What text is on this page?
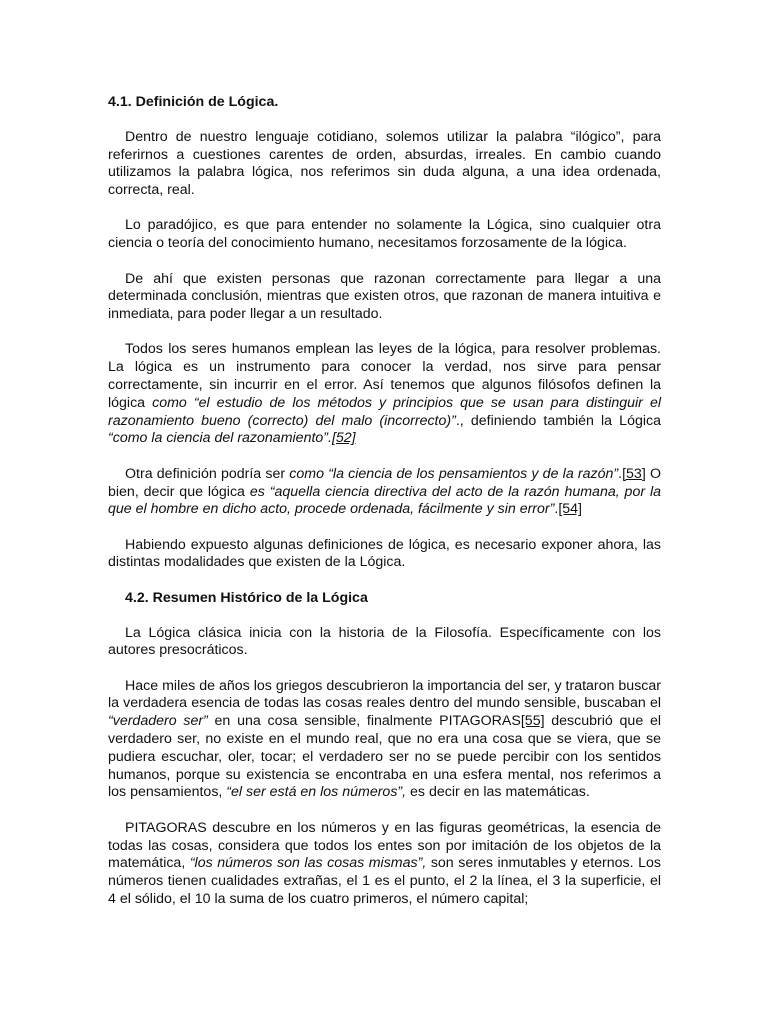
4.1. Definición de Lógica.

Dentro de nuestro lenguaje cotidiano, solemos utilizar la palabra “ilógico”, para referirnos a cuestiones carentes de orden, absurdas, irreales. En cambio cuando utilizamos la palabra lógica, nos referimos sin duda alguna, a una idea ordenada, correcta, real.

Lo paradójico, es que para entender no solamente la Lógica, sino cualquier otra ciencia o teoría del conocimiento humano, necesitamos forzosamente de la lógica.

De ahí que existen personas que razonan correctamente para llegar a una determinada conclusión, mientras que existen otros, que razonan de manera intuitiva e inmediata, para poder llegar a un resultado.

Todos los seres humanos emplean las leyes de la lógica, para resolver problemas. La lógica es un instrumento para conocer la verdad, nos sirve para pensar correctamente, sin incurrir en el error. Así tenemos que algunos filósofos definen la lógica como “el estudio de los métodos y principios que se usan para distinguir el razonamiento bueno (correcto) del malo (incorrecto)”., definiendo también la Lógica “como la ciencia del razonamiento”.[52]

Otra definición podría ser como “la ciencia de los pensamientos y de la razón”.[53] O bien, decir que lógica es “aquella ciencia directiva del acto de la razón humana, por la que el hombre en dicho acto, procede ordenada, fácilmente y sin error”.[54]

Habiendo expuesto algunas definiciones de lógica, es necesario exponer ahora, las distintas modalidades que existen de la Lógica.

4.2. Resumen Histórico de la Lógica

La Lógica clásica inicia con la historia de la Filosofía. Específicamente con los autores presocráticos.

Hace miles de años los griegos descubrieron la importancia del ser, y trataron buscar la verdadera esencia de todas las cosas reales dentro del mundo sensible, buscaban el “verdadero ser” en una cosa sensible, finalmente PITAGORAS[55] descubrió que el verdadero ser, no existe en el mundo real, que no era una cosa que se viera, que se pudiera escuchar, oler, tocar; el verdadero ser no se puede percibir con los sentidos humanos, porque su existencia se encontraba en una esfera mental, nos referimos a los pensamientos, “el ser está en los números”, es decir en las matemáticas.

PITAGORAS descubre en los números y en las figuras geométricas, la esencia de todas las cosas, considera que todos los entes son por imitación de los objetos de la matemática, “los números son las cosas mismas”, son seres inmutables y eternos. Los números tienen cualidades extrañas, el 1 es el punto, el 2 la línea, el 3 la superficie, el 4 el sólido, el 10 la suma de los cuatro primeros, el número capital;
